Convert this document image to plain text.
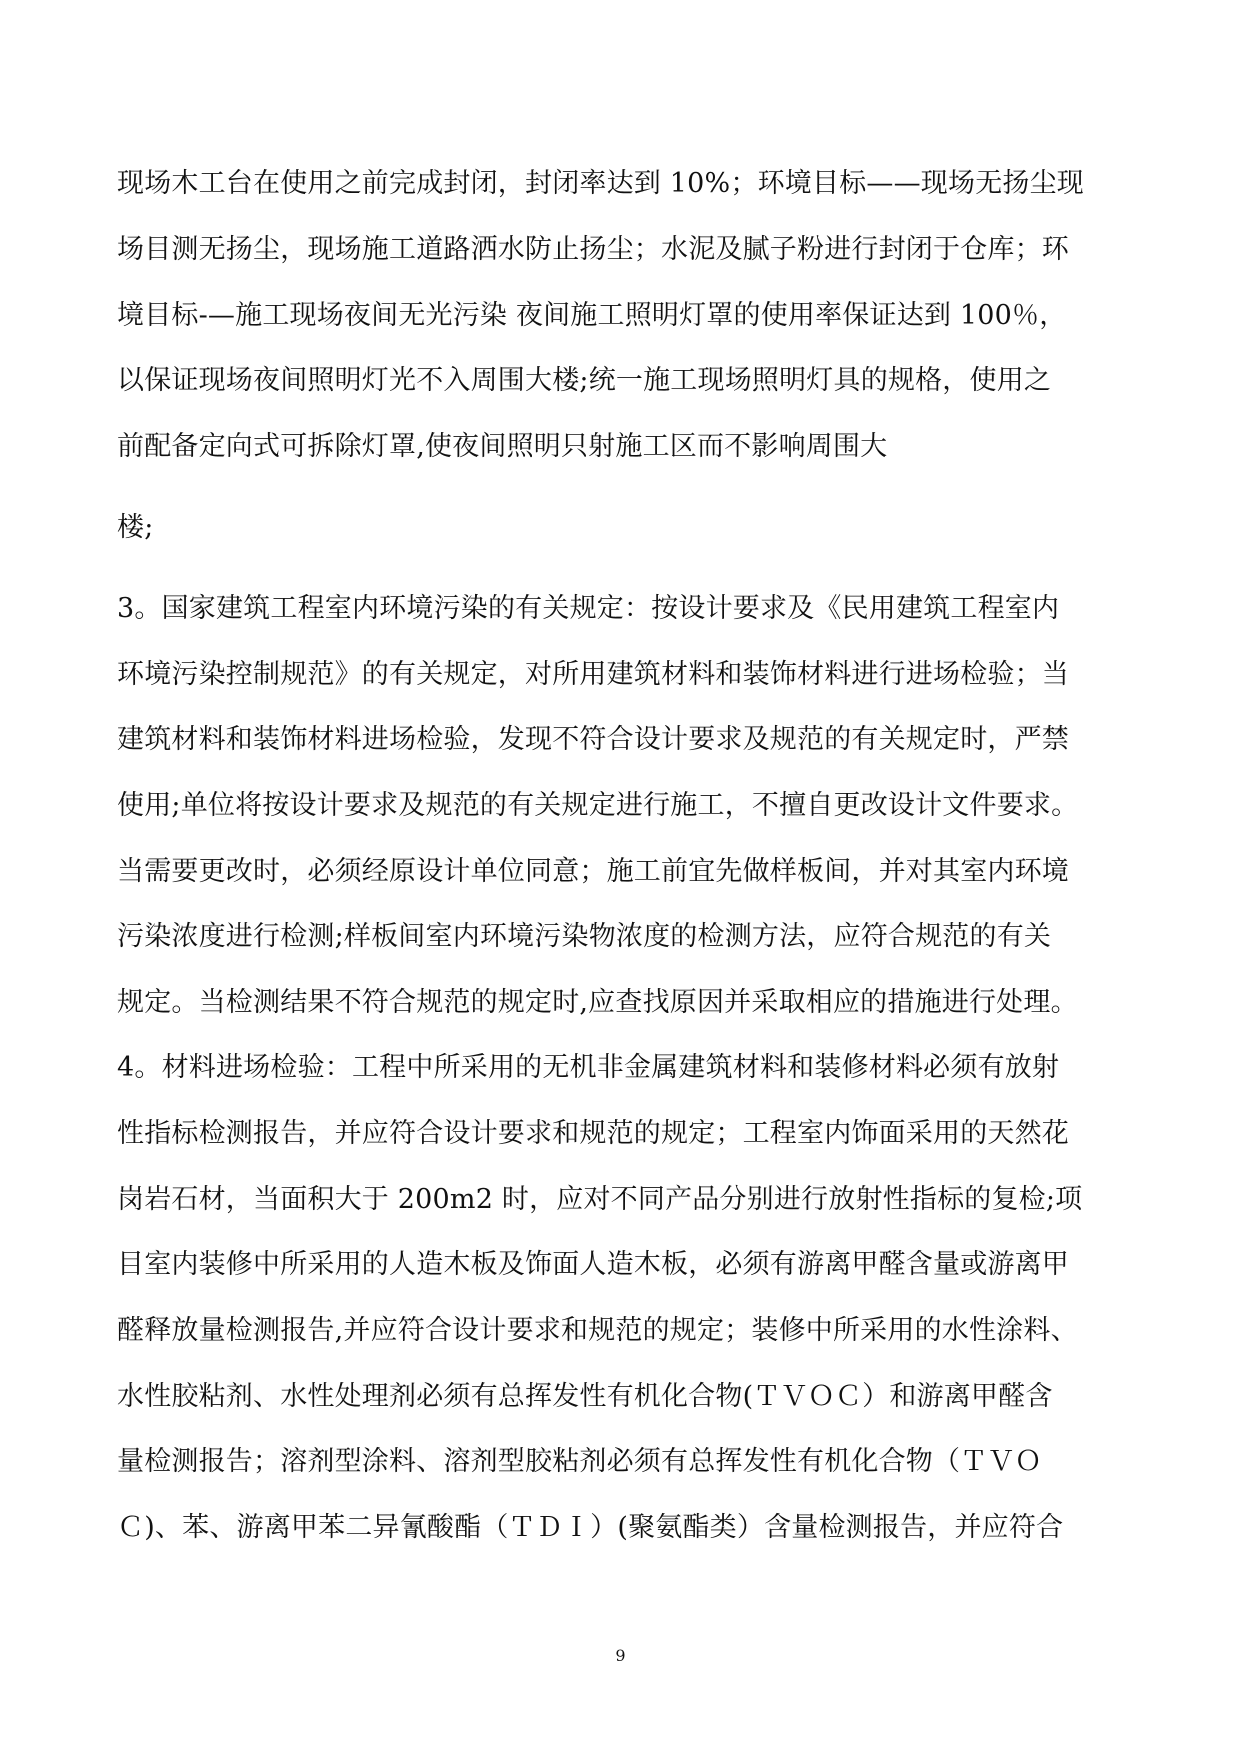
现场木工台在使用之前完成封闭，封闭率达到 10%；环境目标——现场无扬尘现
场目测无扬尘，现场施工道路洒水防止扬尘；水泥及腻子粉进行封闭于仓库；环
境目标-—施工现场夜间无光污染 夜间施工照明灯罩的使用率保证达到 100％，
以保证现场夜间照明灯光不入周围大楼;统一施工现场照明灯具的规格，使用之
前配备定向式可拆除灯罩,使夜间照明只射施工区而不影响周围大
楼;
3。国家建筑工程室内环境污染的有关规定：按设计要求及《民用建筑工程室内
环境污染控制规范》的有关规定，对所用建筑材料和装饰材料进行进场检验；当
建筑材料和装饰材料进场检验，发现不符合设计要求及规范的有关规定时，严禁
使用;单位将按设计要求及规范的有关规定进行施工，不擅自更改设计文件要求。
当需要更改时，必须经原设计单位同意；施工前宜先做样板间，并对其室内环境
污染浓度进行检测;样板间室内环境污染物浓度的检测方法，应符合规范的有关
规定。当检测结果不符合规范的规定时,应查找原因并采取相应的措施进行处理。
4。材料进场检验：工程中所采用的无机非金属建筑材料和装修材料必须有放射
性指标检测报告，并应符合设计要求和规范的规定；工程室内饰面采用的天然花
岗岩石材，当面积大于 200m2 时，应对不同产品分别进行放射性指标的复检;项
目室内装修中所采用的人造木板及饰面人造木板，必须有游离甲醛含量或游离甲
醛释放量检测报告,并应符合设计要求和规范的规定；装修中所采用的水性涂料、
水性胶粘剂、水性处理剂必须有总挥发性有机化合物(ＴＶＯＣ）和游离甲醛含
量检测报告；溶剂型涂料、溶剂型胶粘剂必须有总挥发性有机化合物（ＴＶＯ
Ｃ)、苯、游离甲苯二异氰酸酯（ＴＤＩ）(聚氨酯类）含量检测报告，并应符合
9
